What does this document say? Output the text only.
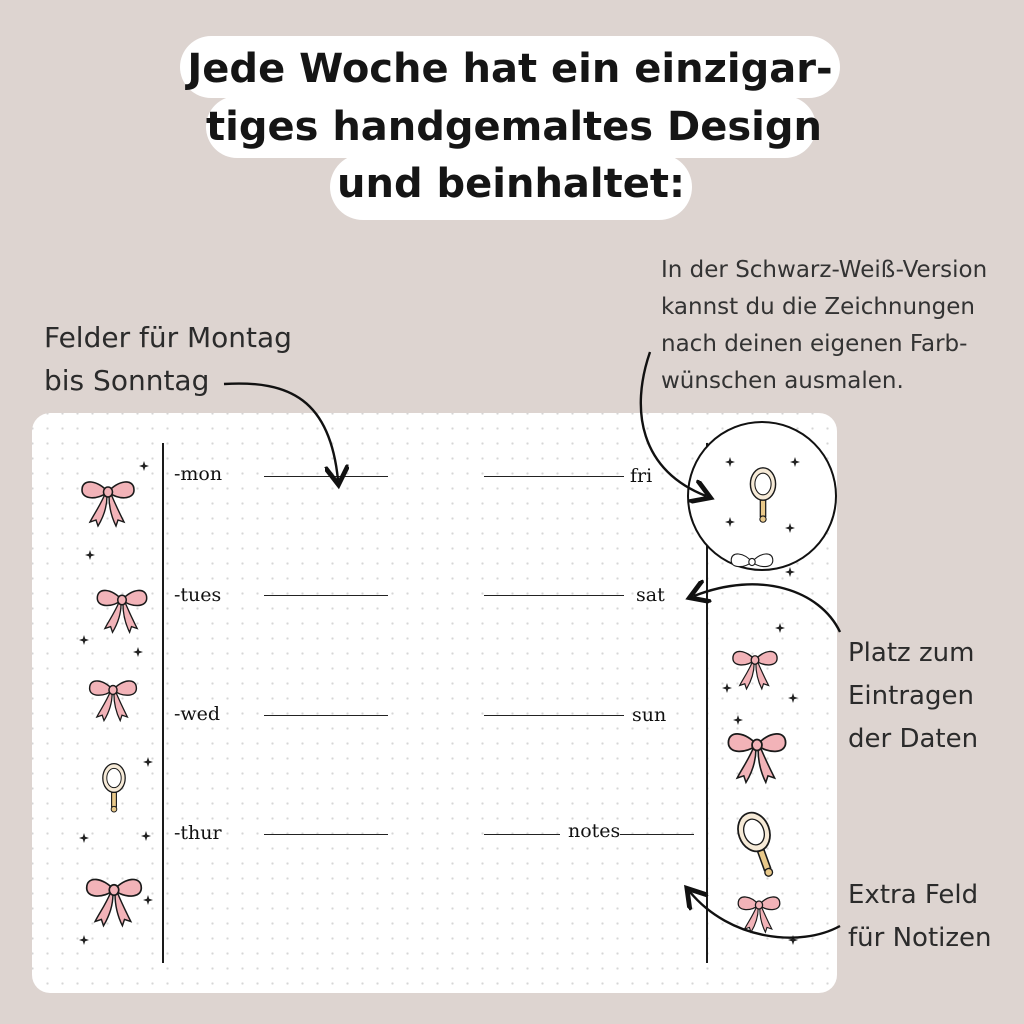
Jede Woche hat ein einzigar-
tiges handgemaltes Design
und beinhaltet:
Felder für Montag
bis Sonntag
In der Schwarz-Weiß-Version
kannst du die Zeichnungen
nach deinen eigenen Farb-
wünschen ausmalen.
Platz zum
Eintragen
der Daten
Extra Feld
für Notizen
-mon
-tues
-wed
-thur
fri
sat
sun
notes
